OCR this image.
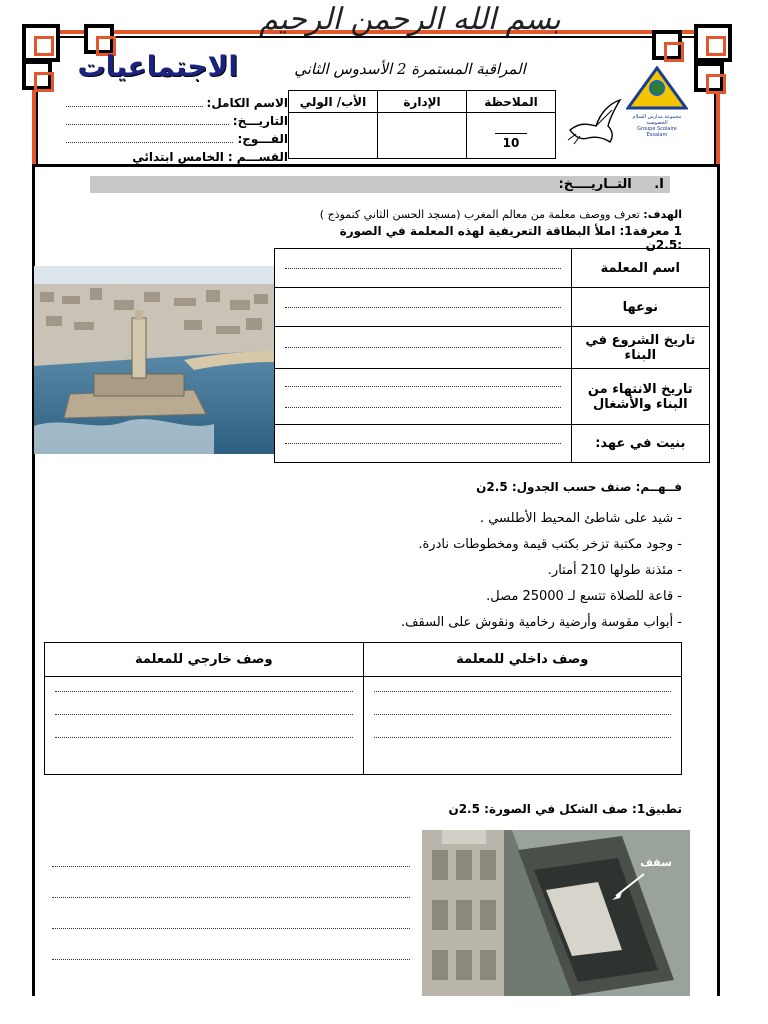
بسم الله الرحمن الرحيم
الاجتماعيات	المراقبة المستمرة 2 الأسدوس الثاني
الاسم الكامل:
التاريـــخ:
الفـــوج:
القســـم :
الخامس ابتدائي
الملاحظة	الإدارة	الأب/ الولي

10		

مجموعة مدارس السلام الخصوصية
Groupe Scolaire Essalam
I. التــاريــــخ:
الهدف: تعرف ووصف معلمة من معالم المغرب (مسجد الحسن الثاني كنموذج )
1 معرفة1: املأ البطاقة التعريفية لهذه المعلمة في الصورة :2.5ن
	اسم المعلمة

	نوعها

	تاريخ الشروع في البناء

	تاريخ الانتهاء من البناء والأشغال

	بنيت في عهد:
فــهــم: صنف حسب الجدول: 2.5ن
- شيد على شاطئ المحيط الأطلسي .
- وجود مكتبة تزخر بكتب قيمة ومخطوطات نادرة.
- مئذنة طولها 210 أمتار.
- قاعة للصلاة تتسع لـ 25000 مصل.
- أبواب مقوسة وأرضية رخامية ونقوش على السقف.
وصف خارجي للمعلمة	وصف داخلي للمعلمة

تطبيق1: صف الشكل في الصورة: 2.5ن
سقف
